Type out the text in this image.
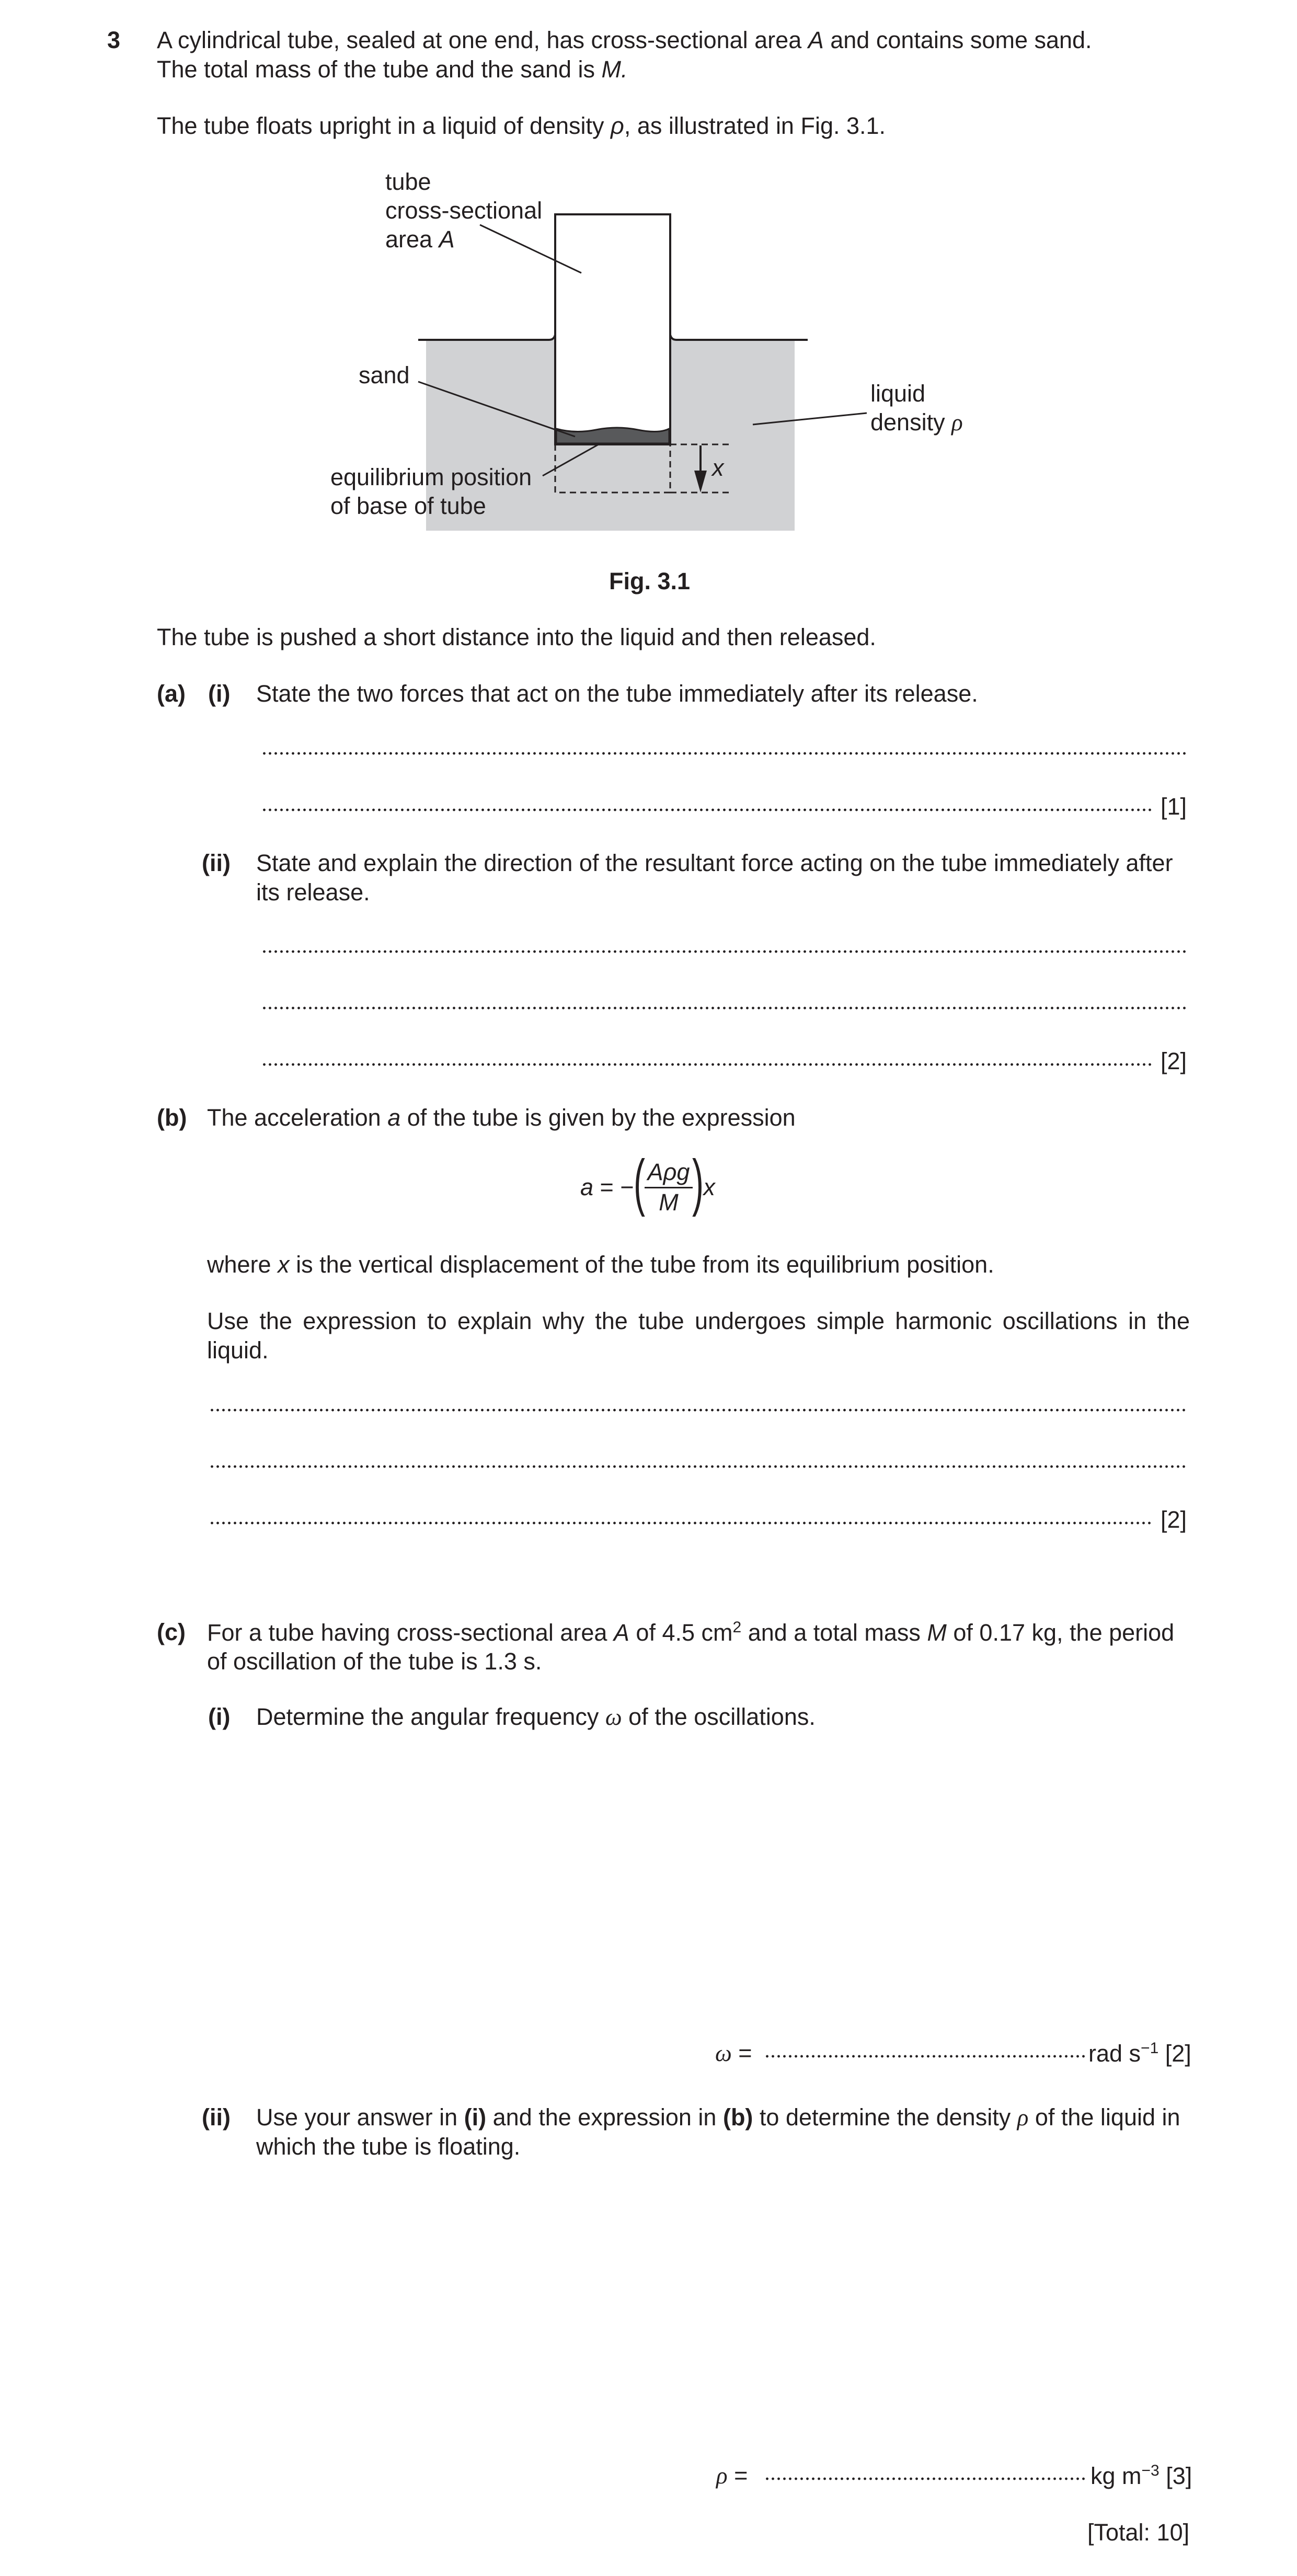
3 A cylindrical tube, sealed at one end, has cross-sectional area A and contains some sand.
The total mass of the tube and the sand is M.
The tube floats upright in a liquid of density ρ, as illustrated in Fig. 3.1.
tube
cross-sectional
area A
sand
liquid
density ρ
equilibrium position
of base of tube
x
Fig. 3.1
The tube is pushed a short distance into the liquid and then released.
(a) (i) State the two forces that act on the tube immediately after its release.
[1]
(ii) State and explain the direction of the resultant force acting on the tube immediately after
its release.
[2]
(b) The acceleration a of the tube is given by the expression
a = −(
$\frac{\text{Aρg}}{M}$
)x
where x is the vertical displacement of the tube from its equilibrium position.
Use the expression to explain why the tube undergoes simple harmonic oscillations in the
liquid.
[2]
(c) For a tube having cross-sectional area A of 4.5 $cm^2$ and a total mass M of 0.17 kg, the period
of oscillation of the tube is 1.3 s.
(i) Determine the angular frequency ω of the oscillations.
ω =	rad $s^{-1}$ [2]
(ii) Use your answer in (i) and the expression in (b) to determine the density ρ of the liquid in
which the tube is floating.
ρ =	kg $m^{-3}$ [3]
[Total: 10]
